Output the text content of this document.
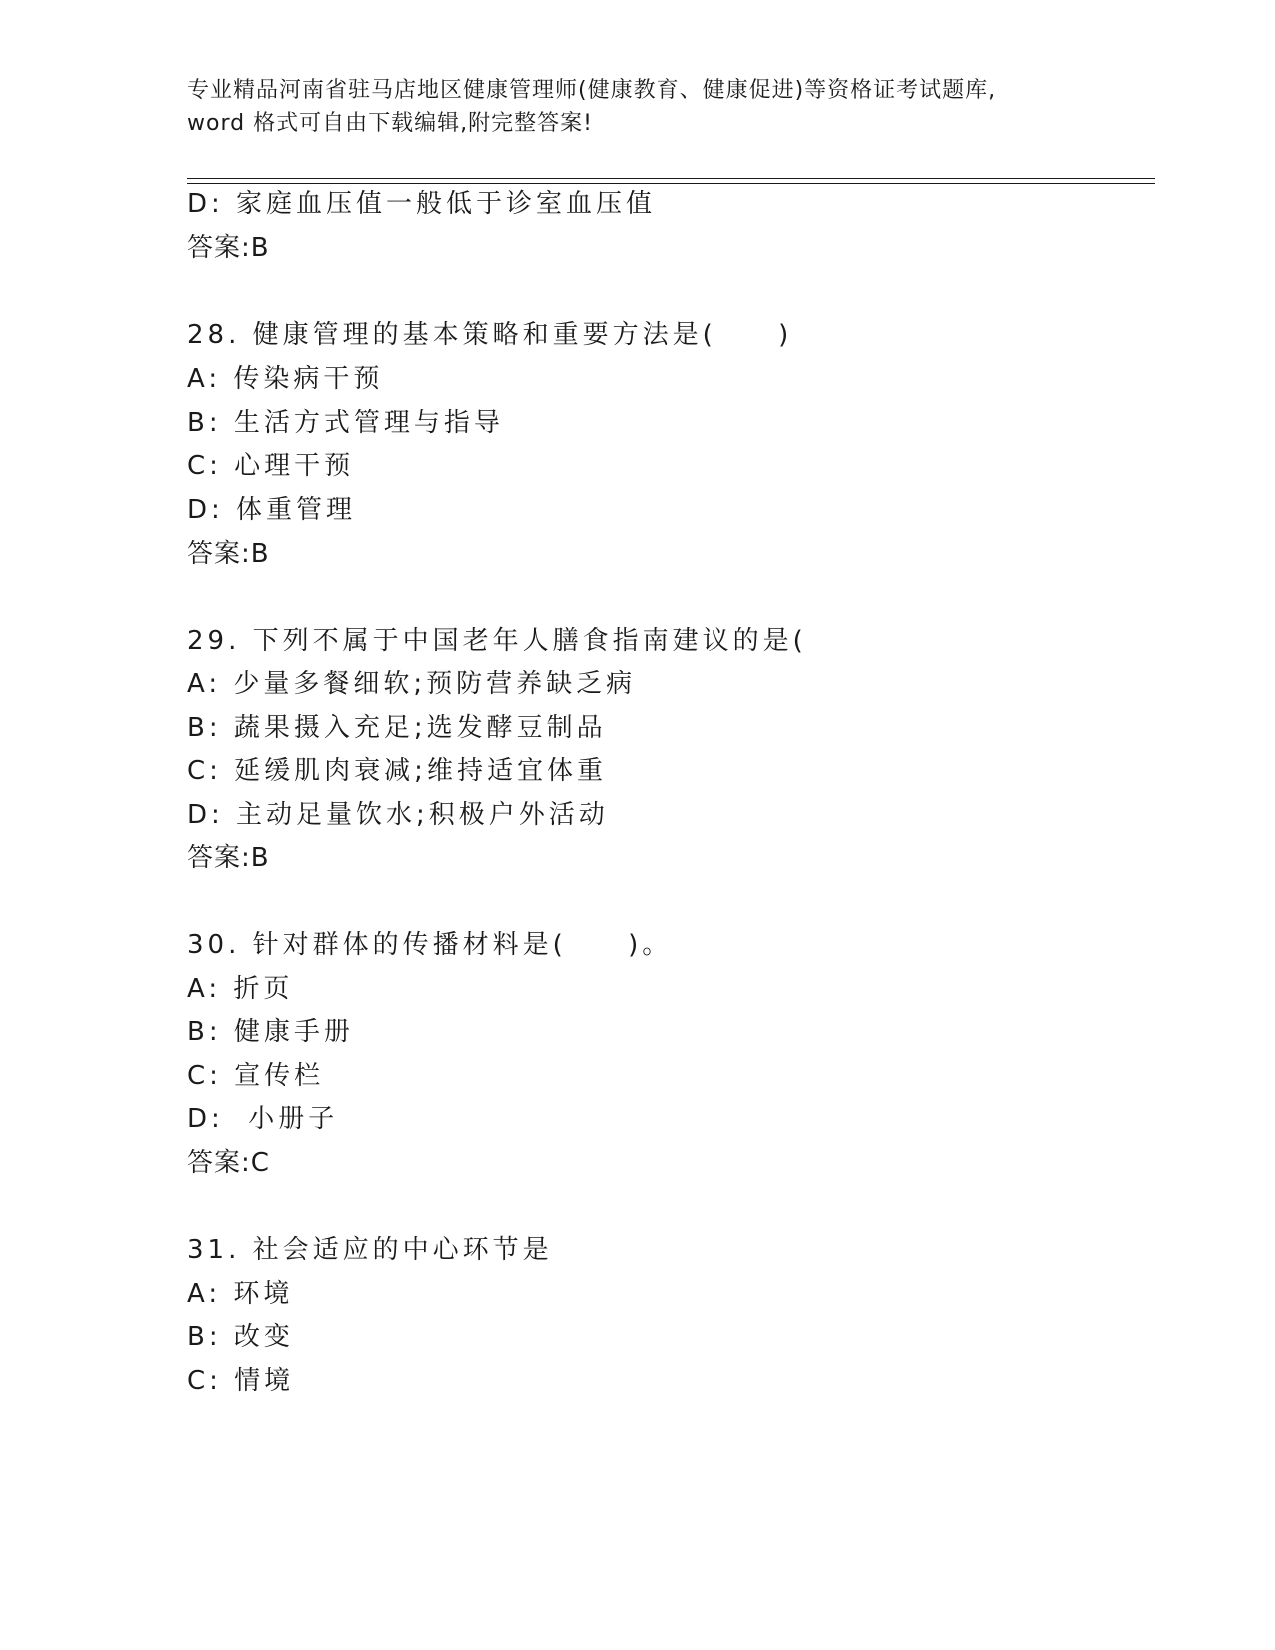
专业精品河南省驻马店地区健康管理师(健康教育、健康促进)等资格证考试题库,
word 格式可自由下载编辑,附完整答案!
D: 家庭血压值一般低于诊室血压值
答案:B
28. 健康管理的基本策略和重要方法是(     )
A: 传染病干预
B: 生活方式管理与指导
C: 心理干预
D: 体重管理
答案:B
29. 下列不属于中国老年人膳食指南建议的是(
A: 少量多餐细软;预防营养缺乏病
B: 蔬果摄入充足;选发酵豆制品
C: 延缓肌肉衰减;维持适宜体重
D: 主动足量饮水;积极户外活动
答案:B
30. 针对群体的传播材料是(     )。
A: 折页
B: 健康手册
C: 宣传栏
D:  小册子
答案:C
31. 社会适应的中心环节是
A: 环境
B: 改变
C: 情境
